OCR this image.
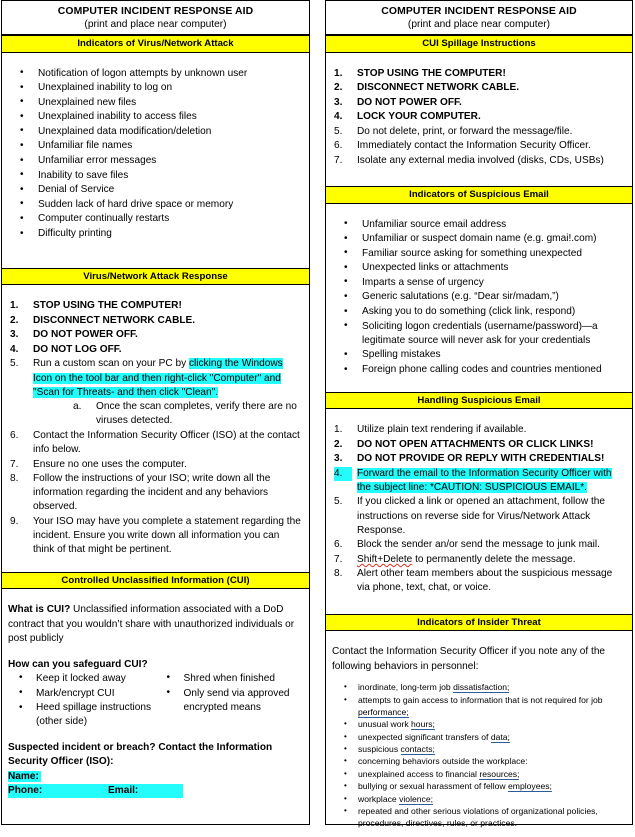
COMPUTER INCIDENT RESPONSE AID
(print and place near computer)
Indicators of Virus/Network Attack
• Notification of logon attempts by unknown user
• Unexplained inability to log on
• Unexplained new files
• Unexplained inability to access files
• Unexplained data modification/deletion
• Unfamiliar file names
• Unfamiliar error messages
• Inability to save files
• Denial of Service
• Sudden lack of hard drive space or memory
• Computer continually restarts
• Difficulty printing
Virus/Network Attack Response
1.	STOP USING THE COMPUTER!
2.	DISCONNECT NETWORK CABLE.
3.	DO NOT POWER OFF.
4.	DO NOT LOG OFF.
5.	Run a custom scan on your PC by clicking the Windows Icon on the tool bar and then right-click "Computer" and "Scan for Threats- and then click "Clean".
a. Once the scan completes, verify there are no viruses detected.
6.	Contact the Information Security Officer (ISO) at the contact info below.
7.	Ensure no one uses the computer.
8.	Follow the instructions of your ISO; write down all the information regarding the incident and any behaviors observed.
9.	Your ISO may have you complete a statement regarding the incident. Ensure you write down all information you can think of that might be pertinent.
Controlled Unclassified Information (CUI)

What is CUI? Unclassified information associated with a DoD contract that you wouldn’t share with unauthorized individuals or post publicly

How can you safeguard CUI?

• Keep it locked away
• Mark/encrypt CUI
• Heed spillage instructions (other side)
• Shred when finished
• Only send via approved encrypted means

Suspected incident or breach? Contact the Information Security Officer (ISO):

Name:
Phone:	Email:
COMPUTER INCIDENT RESPONSE AID
(print and place near computer)
CUI Spillage Instructions
1.	STOP USING THE COMPUTER!
2.	DISCONNECT NETWORK CABLE.
3.	DO NOT POWER OFF.
4.	LOCK YOUR COMPUTER.
5.	Do not delete, print, or forward the message/file.
6.	Immediately contact the Information Security Officer.
7.	Isolate any external media involved (disks, CDs, USBs)
Indicators of Suspicious Email
• Unfamiliar source email address
• Unfamiliar or suspect domain name (e.g. gmai!.com)
• Familiar source asking for something unexpected
• Unexpected links or attachments
• Imparts a sense of urgency
• Generic salutations (e.g. “Dear sir/madam,”)
• Asking you to do something (click link, respond)
• Soliciting logon credentials (username/password)—a legitimate source will never ask for your credentials
• Spelling mistakes
• Foreign phone calling codes and countries mentioned
Handling Suspicious Email
1.	Utilize plain text rendering if available.
2.	DO NOT OPEN ATTACHMENTS OR CLICK LINKS!
3.	DO NOT PROVIDE OR REPLY WITH CREDENTIALS!
4.	Forward the email to the Information Security Officer with the subject line: *CAUTION: SUSPICIOUS EMAIL*.
5.	If you clicked a link or opened an attachment, follow the instructions on reverse side for Virus/Network Attack Response.
6.	Block the sender an/or send the message to junk mail.
7.	Shift+Delete to permanently delete the message.
8.	Alert other team members about the suspicious message via phone, text, chat, or voice.
Indicators of Insider Threat

Contact the Information Security Officer if you note any of the following behaviors in personnel:

• inordinate, long-term job dissatisfaction;
• attempts to gain access to information that is not required for job performance;
• unusual work hours;
• unexpected significant transfers of data;
• suspicious contacts;
• concerning behaviors outside the workplace:
• unexplained access to financial resources;
• bullying or sexual harassment of fellow employees;
• workplace violence;
• repeated and other serious violations of organizational policies, procedures, directives, rules, or practices.
